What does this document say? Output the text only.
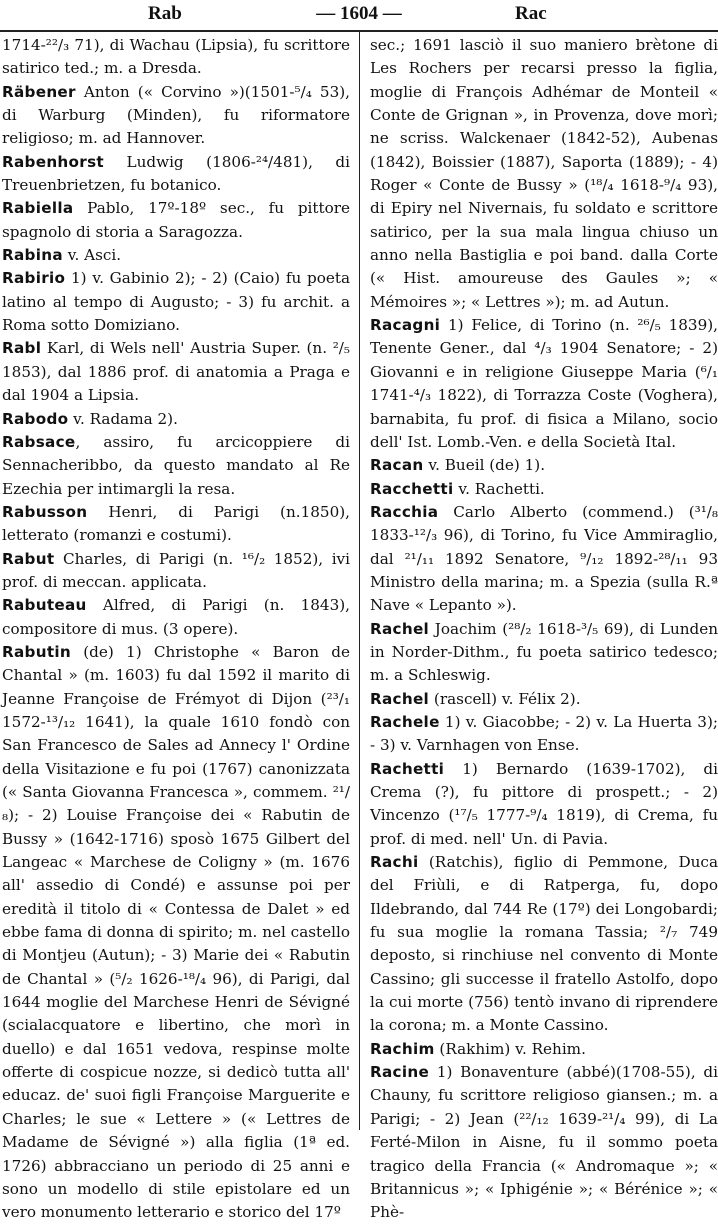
Rab	— 1604 —	Rac

1714-²²/₃ 71), di Wachau (Lipsia), fu scrittore satirico ted.; m. a Dresda.

Räbener Anton (« Corvino »)(1501-⁵/₄ 53), di Warburg (Minden), fu riformatore religioso; m. ad Hannover.

Rabenhorst Ludwig (1806-²⁴/481), di Treuenbrietzen, fu botanico.

Rabiella Pablo, 17º-18º sec., fu pittore spagnolo di storia a Saragozza.

Rabina v. Asci.

Rabirio 1) v. Gabinio 2); - 2) (Caio) fu poeta latino al tempo di Augusto; - 3) fu archit. a Roma sotto Domiziano.

Rabl Karl, di Wels nell' Austria Super. (n. ²/₅ 1853), dal 1886 prof. di anatomia a Praga e dal 1904 a Lipsia.

Rabodo v. Radama 2).

Rabsace, assiro, fu arcicoppiere di Sennacheribbo, da questo mandato al Re Ezechia per intimargli la resa.

Rabusson Henri, di Parigi (n.1850), letterato (romanzi e costumi).

Rabut Charles, di Parigi (n. ¹⁶/₂ 1852), ivi prof. di meccan. applicata.

Rabuteau Alfred, di Parigi (n. 1843), compositore di mus. (3 opere).

Rabutin (de) 1) Christophe « Baron de Chantal » (m. 1603) fu dal 1592 il marito di Jeanne Françoise de Frémyot di Dijon (²³/₁ 1572-¹³/₁₂ 1641), la quale 1610 fondò con San Francesco de Sales ad Annecy l' Ordine della Visitazione e fu poi (1767) canonizzata (« Santa Giovanna Francesca », commem. ²¹/₈); - 2) Louise Françoise dei « Rabutin de Bussy » (1642-1716) sposò 1675 Gilbert del Langeac « Marchese de Coligny » (m. 1676 all' assedio di Condé) e assunse poi per eredità il titolo di « Contessa de Dalet » ed ebbe fama di donna di spirito; m. nel castello di Montjeu (Autun); - 3) Marie dei « Rabutin de Chantal » (⁵/₂ 1626-¹⁸/₄ 96), di Parigi, dal 1644 moglie del Marchese Henri de Sévigné (scialacquatore e libertino, che morì in duello) e dal 1651 vedova, respinse molte offerte di cospicue nozze, si dedicò tutta all' educaz. de' suoi figli Françoise Marguerite e Charles; le sue « Lettere » (« Lettres de Madame de Sévigné ») alla figlia (1ª ed. 1726) abbracciano un periodo di 25 anni e sono un modello di stile epistolare ed un vero monumento letterario e storico del 17º

sec.; 1691 lasciò il suo maniero brètone di Les Rochers per recarsi presso la figlia, moglie di François Adhémar de Monteil « Conte de Grignan », in Provenza, dove morì; ne scriss. Walckenaer (1842-52), Aubenas (1842), Boissier (1887), Saporta (1889); - 4) Roger « Conte de Bussy » (¹⁸/₄ 1618-⁹/₄ 93), di Epiry nel Nivernais, fu soldato e scrittore satirico, per la sua mala lingua chiuso un anno nella Bastiglia e poi band. dalla Corte (« Hist. amoureuse des Gaules »; « Mémoires »; « Lettres »); m. ad Autun.

Racagni 1) Felice, di Torino (n. ²⁶/₅ 1839), Tenente Gener., dal ⁴/₃ 1904 Senatore; - 2) Giovanni e in religione Giuseppe Maria (⁶/₁ 1741-⁴/₃ 1822), di Torrazza Coste (Voghera), barnabita, fu prof. di fisica a Milano, socio dell' Ist. Lomb.-Ven. e della Società Ital.

Racan v. Bueil (de) 1).

Racchetti v. Rachetti.

Racchia Carlo Alberto (commend.) (³¹/₈ 1833-¹²/₃ 96), di Torino, fu Vice Ammiraglio, dal ²¹/₁₁ 1892 Senatore, ⁹/₁₂ 1892-²⁸/₁₁ 93 Ministro della marina; m. a Spezia (sulla R.ª Nave « Lepanto »).

Rachel Joachim (²⁸/₂ 1618-³/₅ 69), di Lunden in Norder-Dithm., fu poeta satirico tedesco; m. a Schleswig.

Rachel (rascell) v. Félix 2).

Rachele 1) v. Giacobbe; - 2) v. La Huerta 3); - 3) v. Varnhagen von Ense.

Rachetti 1) Bernardo (1639-1702), di Crema (?), fu pittore di prospett.; - 2) Vincenzo (¹⁷/₅ 1777-⁹/₄ 1819), di Crema, fu prof. di med. nell' Un. di Pavia.

Rachi (Ratchis), figlio di Pemmone, Duca del Friùli, e di Ratperga, fu, dopo Ildebrando, dal 744 Re (17º) dei Longobardi; fu sua moglie la romana Tassia; ²/₇ 749 deposto, si rinchiuse nel convento di Monte Cassino; gli successe il fratello Astolfo, dopo la cui morte (756) tentò invano di riprendere la corona; m. a Monte Cassino.

Rachim (Rakhim) v. Rehim.

Racine 1) Bonaventure (abbé)(1708-55), di Chauny, fu scrittore religioso giansen.; m. a Parigi; - 2) Jean (²²/₁₂ 1639-²¹/₄ 99), di La Ferté-Milon in Aisne, fu il sommo poeta tragico della Francia (« Andromaque »; « Britannicus »; « Iphigénie »; « Bérénice »; « Phè-
